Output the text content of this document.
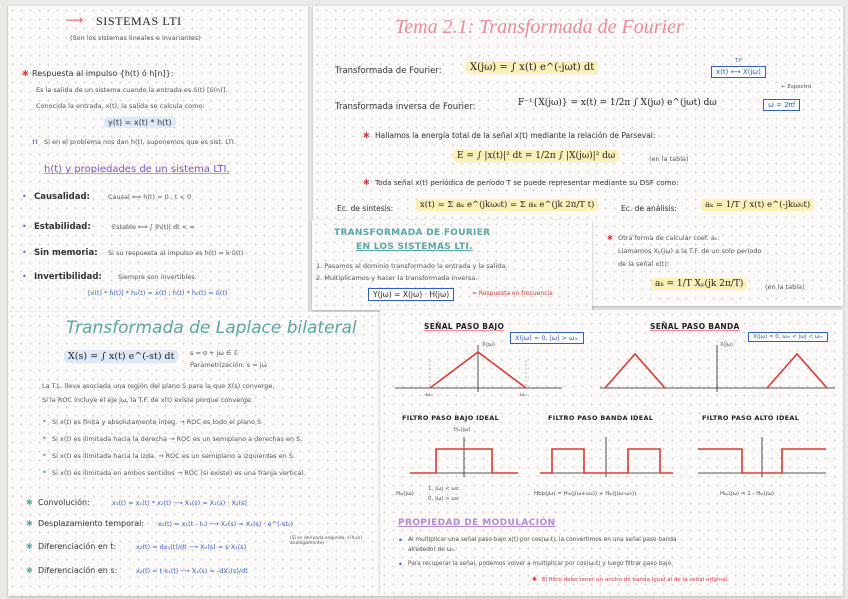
⟶ SISTEMAS LTI
(Son los sistemas lineales e invariantes)
✱ Respuesta al impulso {h(t) ó h[n]}:
Es la salida de un sistema cuando la entrada es δ(t) [δ(n)].
Conocida la entrada, x(t), la salida se calcula como:
y(t) = x(t) * h(t)
!! Si en el problema nos dan h(t), suponemos que es sist. LTI.
h(t) y propiedades de un sistema LTI.
• Causalidad:	Causal ⟺ h(t) = 0 , t < 0
• Estabilidad:	Estable ⟺ ∫ |h(t)| dt < ∞
• Sin memoria: Si su respuesta al impulso es h(t) = k·δ(t)
• Invertibilidad: Siempre son invertibles.
[x(t) * h(t)] * h₂(t) = x(t) ; h(t) * h₂(t) = δ(t)
Tema 2.1: Transformada de Fourier
Transformada de Fourier:	X(jω) = ∫ x(t) e^(-jωt) dt	x(t) ⟷ X(jω)
T.F.
← Espectro
Transformada inversa de Fourier:	F⁻¹{X(jω)} = x(t) = 1/2π ∫ X(jω) e^(jωt) dω	ω = 2πf
✱ Hallamos la energía total de la señal x(t) mediante la relación de Parseval:
E = ∫ |x(t)|² dt = 1/2π ∫ |X(jω)|² dω	(en la tabla)
✱ Toda señal x(t) periódica de período T se puede representar mediante su DSF como:
Ec. de síntesis:	x(t) = Σ aₖ e^(jkω₀t) = Σ aₖ e^(jk 2π/T t)	Ec. de análisis:	aₖ = 1/T ∫ x(t) e^(-jkω₀t)
✱ Otra forma de calcular coef. aₖ:
Llamamos Xₚ(jω) a la T.F. de un solo periodo
de la señal x(t):
aₖ = 1/T Xₚ(jk 2π/T)	(en la tabla)
TRANSFORMADA DE FOURIER
EN LOS SISTEMAS LTI.
1. Pasamos al dominio transformado la entrada y la salida.
2. Multiplicamos y hacer la transformada inversa.
Y(jω) = X(jω) · H(jω)	= Respuesta en frecuencia
Transformada de Laplace bilateral
X(s) = ∫ x(t) e^(-st) dt	s = σ + jω ∈ ℂ
Parametrización: s = jω
La T.L. lleva asociada una región del plano S para la que X(s) converge.
Si la ROC incluye el eje jω, la T.F. de x(t) existe porque converge.
• Si x(t) es finita y absolutamente integ. → ROC es todo el plano S
• Si x(t) es ilimitada hacia la derecha → ROC es un semiplano a derechas en S.
• Si x(t) es ilimitada hacia la izda. → ROC es un semiplano a izquierdas en S.
• Si x(t) es ilimitada en ambos sentidos → ROC (si existe) es una franja vertical.
✱ Convolución:	x₃(t) = x₁(t) * x₂(t) ⟶ X₃(s) = X₁(s) · X₂(s)
✱ Desplazamiento temporal: x₂(t) = x₁(t - t₀) ⟶ X₂(s) = X₁(s) · e^(-st₀)
✱ Diferenciación en t:	x₂(t) = dx₁(t)/dt ⟶ X₂(s) = s·X₁(s)
(Si es derivada segunda, s²X₁(s) análogamente)
✱ Diferenciación en s:	x₂(t) = t·x₁(t) ⟶ X₂(s) = -dX₁(s)/dt
SEÑAL PASO BAJO
X(jω) = 0, |ω| > ωₘ
X(jω)
-ωₘ	ωₘ
SEÑAL PASO BANDA
X(jω) = 0, ωₘ < |ω| < ωₘ
X(jω)
FILTRO PASO BAJO IDEAL	FILTRO PASO BANDA IDEAL	FILTRO PASO ALTO IDEAL
Hₗₚ(jω)
1, |ω| < ωc
0, |ω| > ωc
Hₗₚ(jω)	Hbp(jω) = Hₗₚ(j(ω+ω₀)) + Hₗₚ(j(ω-ω₀))	Hₕₚ(jω) = 1 - Hₗₚ(jω)
PROPIEDAD DE MODULACIÓN
• Al multiplicar una señal paso bajo x(t) por cos(ω₀t), la convertimos en una señal paso banda
alrededor de ω₀.
• Para recuperar la señal, podemos volver a multiplicar por cos(ω₀t) y luego filtrar paso bajo.
✱ El filtro debe tener un ancho de banda igual al de la señal original.
